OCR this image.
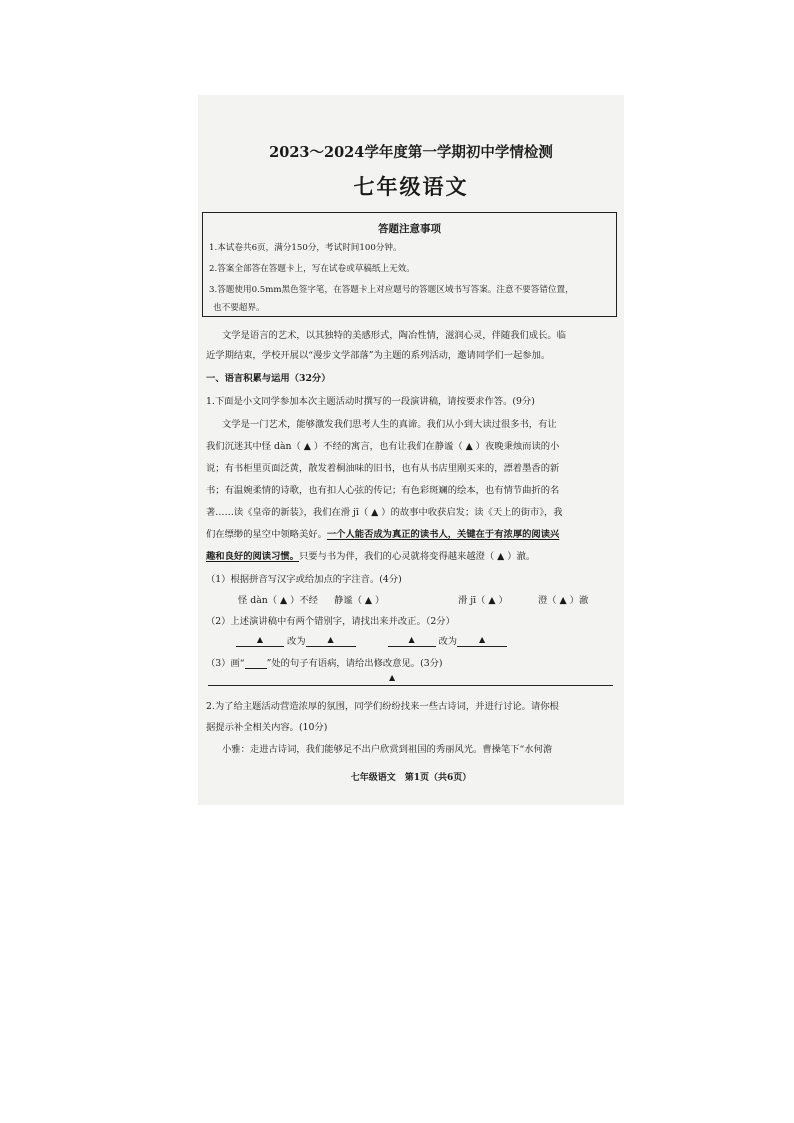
2023～2024学年度第一学期初中学情检测
七年级语文
答题注意事项
1.本试卷共6页，满分150分，考试时间100分钟。
2.答案全部答在答题卡上，写在试卷或草稿纸上无效。
3.答题使用0.5mm黑色签字笔，在答题卡上对应题号的答题区域书写答案。注意不要答错位置，
也不要超界。
文学是语言的艺术，以其独特的美感形式，陶冶性情，滋润心灵，伴随我们成长。临
近学期结束，学校开展以“漫步文学部落”为主题的系列活动，邀请同学们一起参加。
一、语言积累与运用（32分）
1.下面是小文同学参加本次主题活动时撰写的一段演讲稿，请按要求作答。(9分)
文学是一门艺术，能够激发我们思考人生的真谛。我们从小到大读过很多书，有让
我们沉迷其中怪 dàn（ ▲ ）不经的寓言，也有让我们在静谧（ ▲ ）夜晚秉烛而读的小
说；有书柜里页面泛黄，散发着桐油味的旧书，也有从书店里刚买来的，漂着墨香的新
书；有温婉柔情的诗歌，也有扣人心弦的传记；有色彩斑斓的绘本，也有情节曲折的名
著……读《皇帝的新装》，我们在滑 jī（ ▲ ）的故事中收获启发；读《天上的街市》，我
们在缥缈的星空中领略美好。一个人能否成为真正的读书人，关键在于有浓厚的阅读兴
趣和良好的阅读习惯。只要与书为伴，我们的心灵就将变得越来越澄（ ▲ ）澈。
（1）根据拼音写汉字或给加点的字注音。(4分)
怪 dàn（ ▲ ）不经 静谧（ ▲ ）	滑 jī（ ▲ ）	澄（ ▲ ）澈
（2）上述演讲稿中有两个错别字，请找出来并改正。（2分）
▲	改为	▲	▲	改为	▲
（3）画“ ”处的句子有语病，请给出修改意见。(3分)
▲
2.为了给主题活动营造浓厚的氛围，同学们纷纷找来一些古诗词，并进行讨论。请你根
据提示补全相关内容。(10分)
小雅：走进古诗词，我们能够足不出户欣赏到祖国的秀丽风光。曹操笔下“水何澹
七年级语文　第1页（共6页）
